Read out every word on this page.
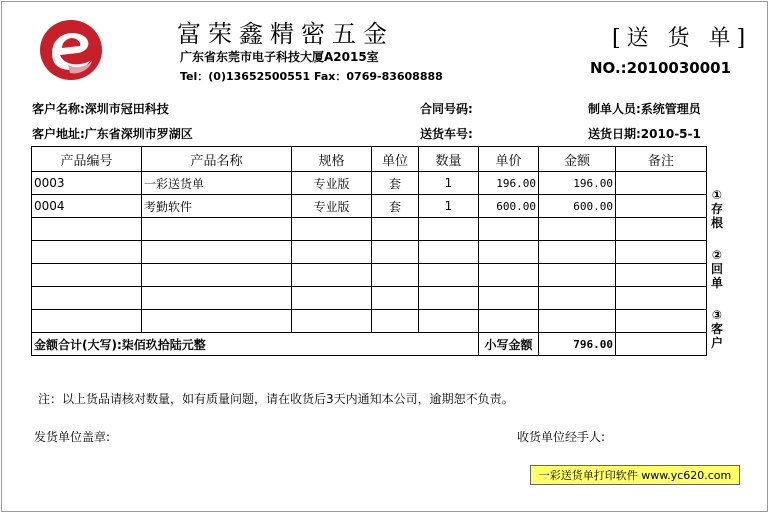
富荣鑫精密五金
广东省东莞市电子科技大厦A2015室
Tel：(0)13652500551 Fax：0769-83608888
[送 货 单]
NO.:2010030001
客户名称:深圳市冠田科技	合同号码:	制单人员:系统管理员
客户地址:广东省深圳市罗湖区	送货车号:	送货日期:2010-5-1
产品编号	产品名称	规格	单位	数量	单价	金额	备注
0003	一彩送货单	专业版	套	1	196.00	196.00	
0004	考勤软件	专业版	套	1	600.00	600.00	

金额合计(大写):柒佰玖拾陆元整					小写金额	796.00	
①存根
②回单
③客户
注：以上货品请核对数量，如有质量问题，请在收货后3天内通知本公司，逾期恕不负责。
发货单位盖章:	收货单位经手人:
一彩送货单打印软件 www.yc620.com
